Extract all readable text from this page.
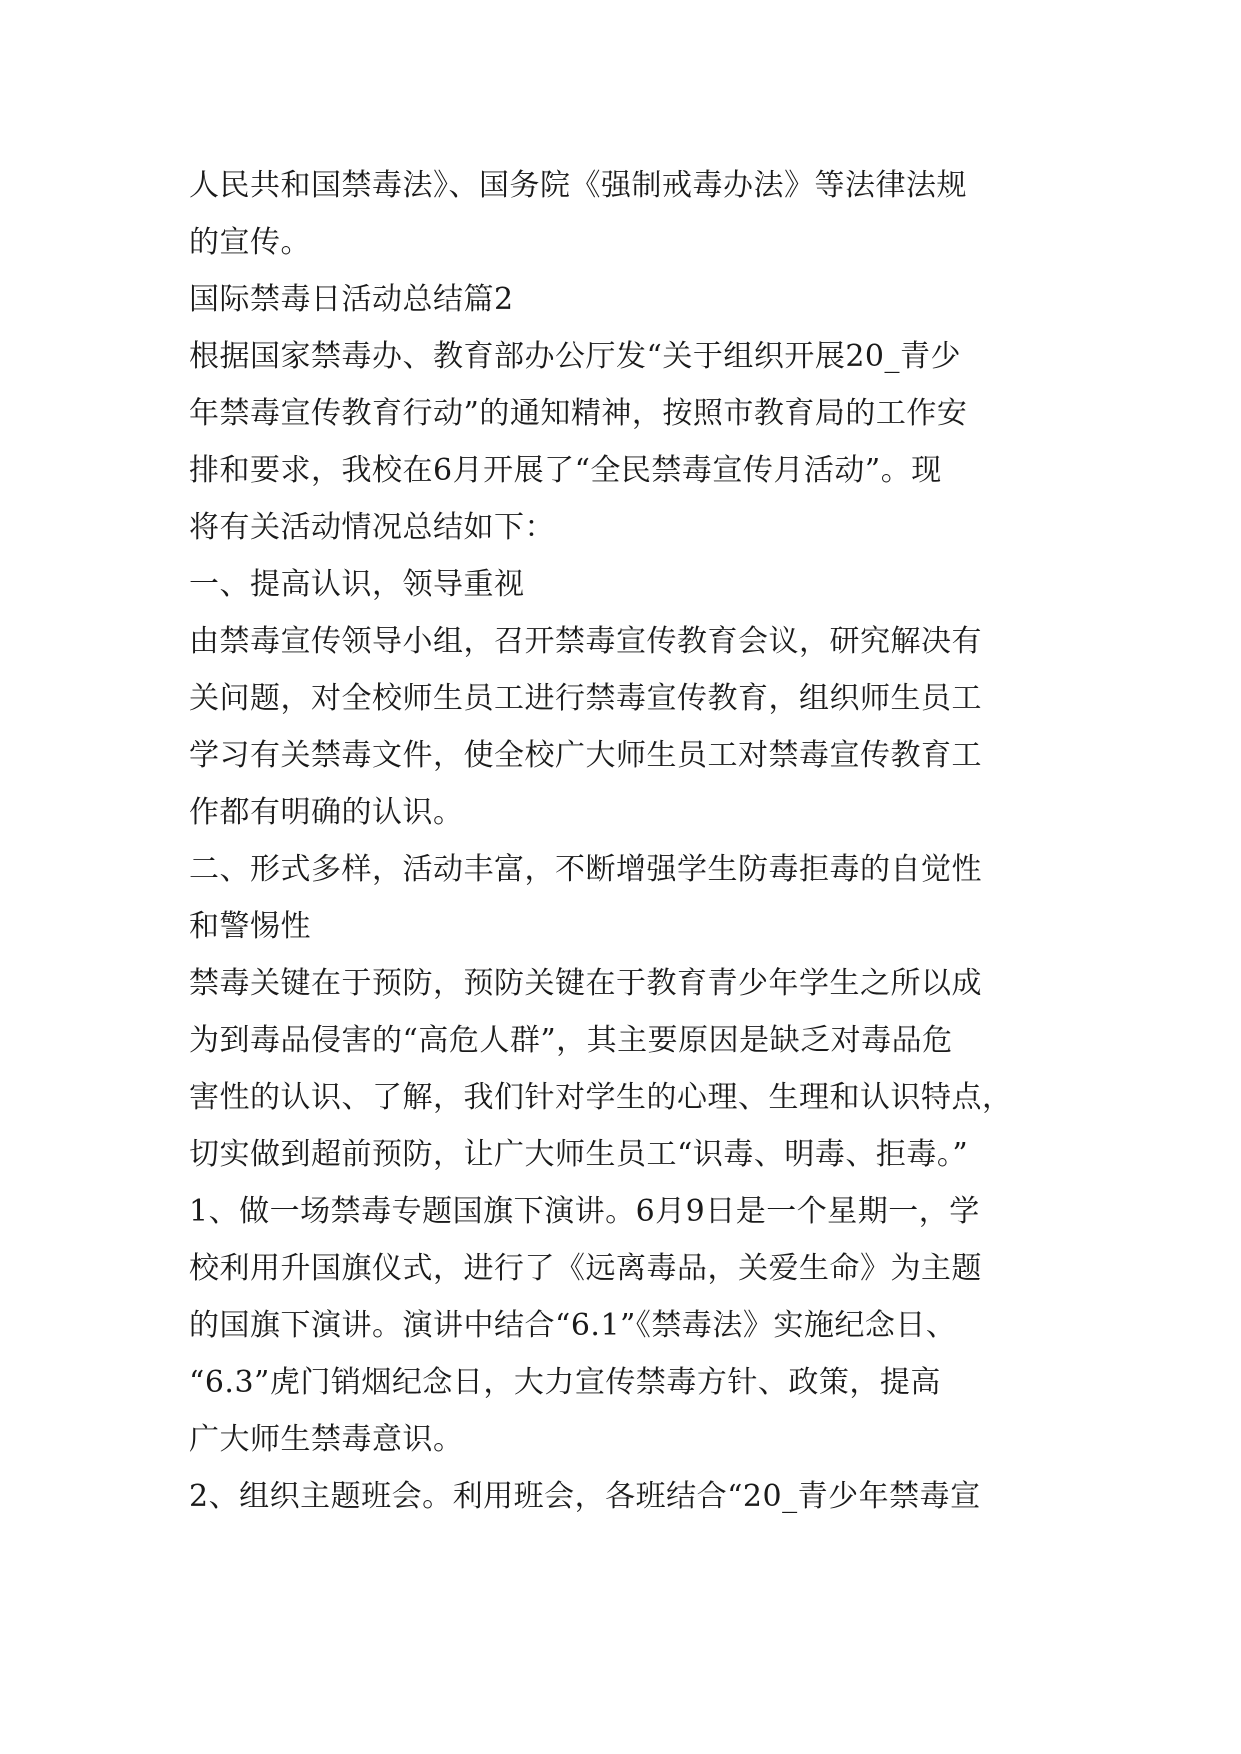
人民共和国禁毒法》、国务院《强制戒毒办法》等法律法规
的宣传。
国际禁毒日活动总结篇2
根据国家禁毒办、教育部办公厅发“关于组织开展20_青少
年禁毒宣传教育行动”的通知精神，按照市教育局的工作安
排和要求，我校在6月开展了“全民禁毒宣传月活动”。现
将有关活动情况总结如下：
一、提高认识，领导重视
由禁毒宣传领导小组，召开禁毒宣传教育会议，研究解决有
关问题，对全校师生员工进行禁毒宣传教育，组织师生员工
学习有关禁毒文件，使全校广大师生员工对禁毒宣传教育工
作都有明确的认识。
二、形式多样，活动丰富，不断增强学生防毒拒毒的自觉性
和警惕性
禁毒关键在于预防，预防关键在于教育青少年学生之所以成
为到毒品侵害的“高危人群”，其主要原因是缺乏对毒品危
害性的认识、了解，我们针对学生的心理、生理和认识特点，
切实做到超前预防，让广大师生员工“识毒、明毒、拒毒。”
1、做一场禁毒专题国旗下演讲。6月9日是一个星期一，学
校利用升国旗仪式，进行了《远离毒品，关爱生命》为主题
的国旗下演讲。演讲中结合“6.1”《禁毒法》实施纪念日、
“6.3”虎门销烟纪念日，大力宣传禁毒方针、政策，提高
广大师生禁毒意识。
2、组织主题班会。利用班会，各班结合“20_青少年禁毒宣
